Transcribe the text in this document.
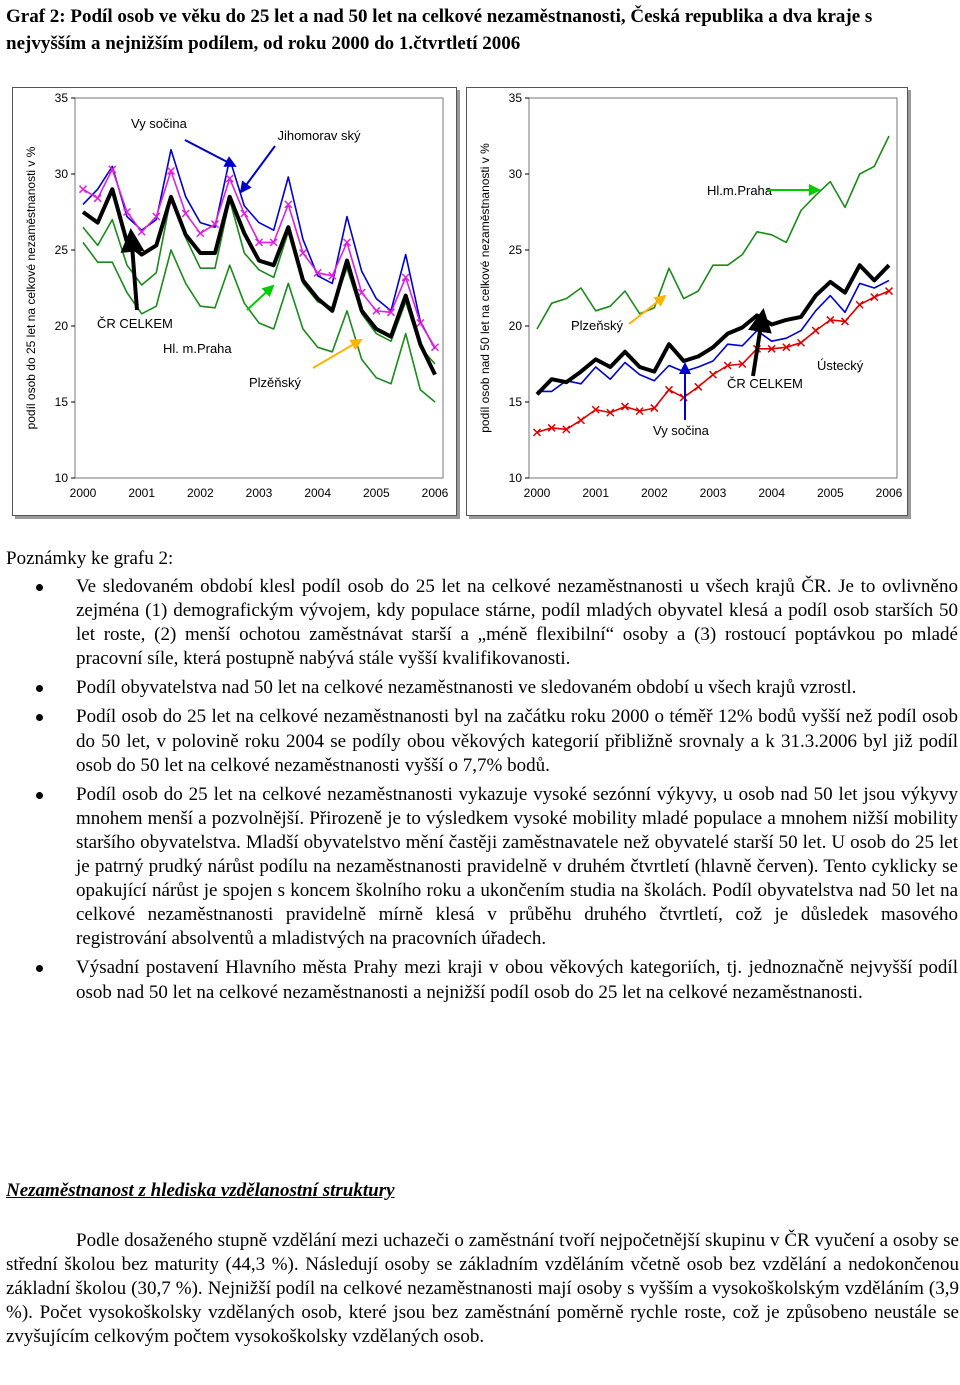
Graf 2: Podíl osob ve věku do 25 let a nad 50 let na celkové nezaměstnanosti, Česká republika a dva kraje s nejvyšším a nejnižším podílem, od roku 2000 do 1.čtvrtletí 2006
10
15
20
25
30
35
2000	2001	2002	2003	2004	2005	2006
podíl osob do 25 let na celkové nezaměstnanosti v %
Vy sočina
Jihomorav ský
ČR CELKEM
Hl. m.Praha
Plzěňský
10
15
20
25
30
35
2000	2001	2002	2003	2004	2005	2006
podíl osob nad 50 let na celkové nezaměstnanosti v %	Hl.m.Praha
Plzeňský
ČR CELKEM
Ústecký
Vy sočina

Poznámky ke grafu 2:

Ve sledovaném období klesl podíl osob do 25 let na celkové nezaměstnanosti u všech krajů ČR. Je to ovlivněno zejména (1) demografickým vývojem, kdy populace stárne, podíl mladých obyvatel klesá a podíl osob starších 50 let roste, (2) menší ochotou zaměstnávat starší a „méně flexibilní“ osoby a (3) rostoucí poptávkou po mladé pracovní síle, která postupně nabývá stále vyšší kvalifikovanosti.
Podíl obyvatelstva nad 50 let na celkové nezaměstnanosti ve sledovaném období u všech krajů vzrostl.
Podíl osob do 25 let na celkové nezaměstnanosti byl na začátku roku 2000 o téměř 12% bodů vyšší než podíl osob do 50 let, v polovině roku 2004 se podíly obou věkových kategorií přibližně srovnaly a k 31.3.2006 byl již podíl osob do 50 let na celkové nezaměstnanosti vyšší o 7,7% bodů.
Podíl osob do 25 let na celkové nezaměstnanosti vykazuje vysoké sezónní výkyvy, u osob nad 50 let jsou výkyvy mnohem menší a pozvolnější. Přirozeně je to výsledkem vysoké mobility mladé populace a mnohem nižší mobility staršího obyvatelstva. Mladší obyvatelstvo mění častěji zaměstnavatele než obyvatelé starší 50 let. U osob do 25 let je patrný prudký nárůst podílu na nezaměstnanosti pravidelně v druhém čtvrtletí (hlavně červen). Tento cyklicky se opakující nárůst je spojen s koncem školního roku a ukončením studia na školách. Podíl obyvatelstva nad 50 let na celkové nezaměstnanosti pravidelně mírně klesá v průběhu druhého čtvrtletí, což je důsledek masového registrování absolventů a mladistvých na pracovních úřadech.
Výsadní postavení Hlavního města Prahy mezi kraji v obou věkových kategoriích, tj. jednoznačně nejvyšší podíl osob nad 50 let na celkové nezaměstnanosti a nejnižší podíl osob do 25 let na celkové nezaměstnanosti.
Nezaměstnanost z hlediska vzdělanostní struktury

Podle dosaženého stupně vzdělání mezi uchazeči o zaměstnání tvoří nejpočetnější skupinu v ČR vyučení a osoby se střední školou bez maturity (44,3 %). Následují osoby se základním vzděláním včetně osob bez vzdělání a nedokončenou základní školou (30,7 %). Nejnižší podíl na celkové nezaměstnanosti mají osoby s vyšším a vysokoškolským vzděláním (3,9 %). Počet vysokoškolsky vzdělaných osob, které jsou bez zaměstnání poměrně rychle roste, což je způsobeno neustále se zvyšujícím celkovým počtem vysokoškolsky vzdělaných osob.
